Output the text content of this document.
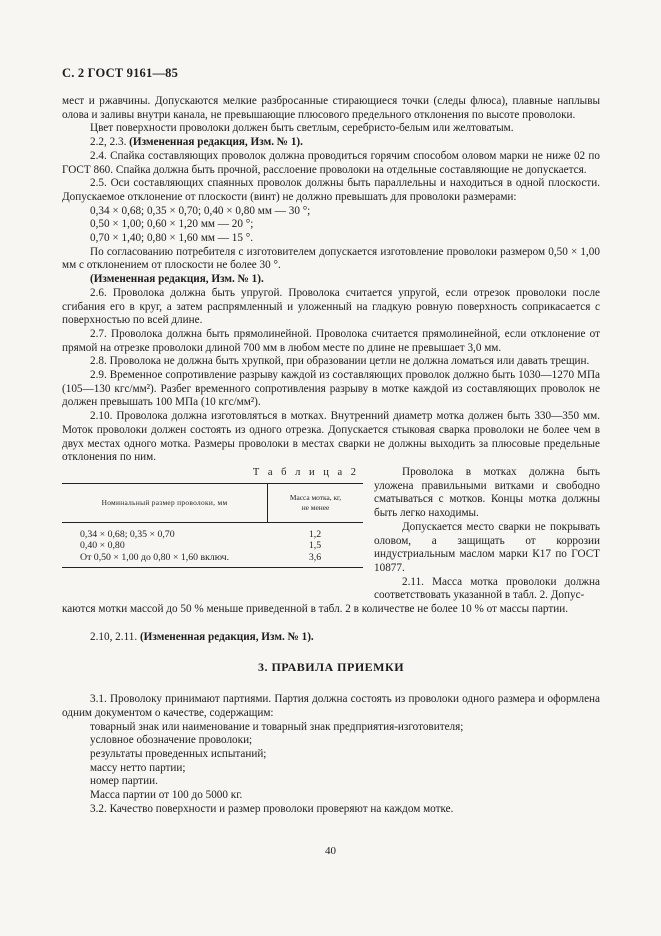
С. 2 ГОСТ 9161—85

мест и ржавчины. Допускаются мелкие разбросанные стирающиеся точки (следы флюса), плавные наплывы олова и заливы внутри канала, не превышающие плюсового предельного отклонения по высоте проволоки.

Цвет поверхности проволоки должен быть светлым, серебристо-белым или желтоватым.

2.2, 2.3. (Измененная редакция, Изм. № 1).

2.4. Спайка составляющих проволок должна проводиться горячим способом оловом марки не ниже 02 по ГОСТ 860. Спайка должна быть прочной, расслоение проволоки на отдельные составляющие не допускается.

2.5. Оси составляющих спаянных проволок должны быть параллельны и находиться в одной плоскости. Допускаемое отклонение от плоскости (винт) не должно превышать для проволоки размерами:

0,34 × 0,68; 0,35 × 0,70; 0,40 × 0,80 мм — 30 °;

0,50 × 1,00; 0,60 × 1,20 мм — 20 °;

0,70 × 1,40; 0,80 × 1,60 мм — 15 °.

По согласованию потребителя с изготовителем допускается изготовление проволоки размером 0,50 × 1,00 мм с отклонением от плоскости не более 30 °.

(Измененная редакция, Изм. № 1).

2.6. Проволока должна быть упругой. Проволока считается упругой, если отрезок проволоки после сгибания его в круг, а затем распрямленный и уложенный на гладкую ровную поверхность соприкасается с поверхностью по всей длине.

2.7. Проволока должна быть прямолинейной. Проволока считается прямолинейной, если отклонение от прямой на отрезке проволоки длиной 700 мм в любом месте по длине не превышает 3,0 мм.

2.8. Проволока не должна быть хрупкой, при образовании цетли не должна ломаться или давать трещин.

2.9. Временное сопротивление разрыву каждой из составляющих проволок должно быть 1030—1270 МПа (105—130 кгс/мм²). Разбег временного сопротивления разрыву в мотке каждой из составляющих проволок не должен превышать 100 МПа (10 кгс/мм²).

2.10. Проволока должна изготовляться в мотках. Внутренний диаметр мотка должен быть 330—350 мм. Моток проволоки должен состоять из одного отрезка. Допускается стыковая сварка проволоки не более чем в двух местах одного мотка. Размеры проволоки в местах сварки не должны выходить за плюсовые предельные отклонения по ним.

Т а б л и ц а 2
Номинальный размер проволоки, мм
Масса мотка, кг,
не менее
0,34 × 0,68; 0,35 × 0,70
0,40 × 0,80
От 0,50 × 1,00 до 0,80 × 1,60 включ.
1,2
1,5
3,6

Проволока в мотках должна быть уложена правильными витками и свободно сматываться с мотков. Концы мотка должны быть легко находимы.

Допускается место сварки не покрывать оловом, а защищать от коррозии индустриальным маслом марки К17 по ГОСТ 10877.

2.11. Масса мотка проволоки должна соответствовать указанной в табл. 2. Допус-

каются мотки массой до 50 % меньше приведенной в табл. 2 в количестве не более 10 % от массы партии.

2.10, 2.11. (Измененная редакция, Изм. № 1).

3. ПРАВИЛА ПРИЕМКИ

3.1. Проволоку принимают партиями. Партия должна состоять из проволоки одного размера и оформлена одним документом о качестве, содержащим:

товарный знак или наименование и товарный знак предприятия-изготовителя;

условное обозначение проволоки;

результаты проведенных испытаний;

массу нетто партии;

номер партии.

Масса партии от 100 до 5000 кг.

3.2. Качество поверхности и размер проволоки проверяют на каждом мотке.

40
